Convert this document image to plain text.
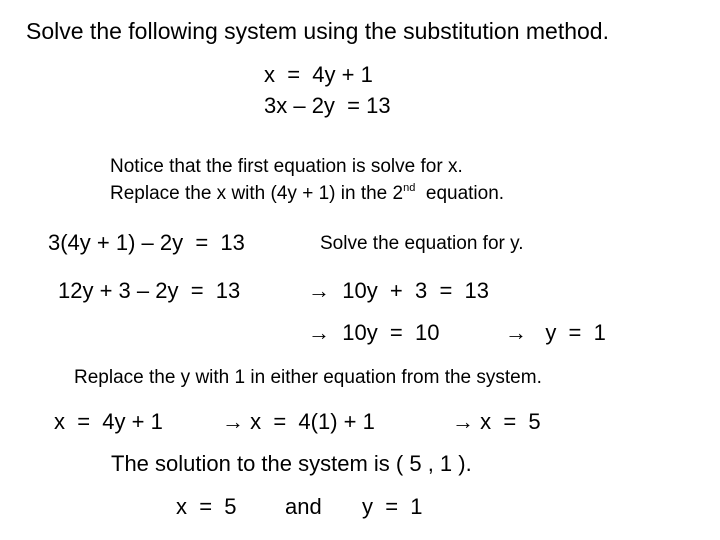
Solve the following system using the substitution method.
x  =  4y + 1
3x – 2y  = 13
Notice that the first equation is solve for x.
Replace the x with (4y + 1) in the 2nd  equation.
3(4y + 1) – 2y  =  13	Solve the equation for y.
12y + 3 – 2y  =  13	→  10y  +  3  =  13
→  10y  =  10	→   y  =  1
Replace the y with 1 in either equation from the system.
x  =  4y + 1	→ x  =  4(1) + 1	→ x  =  5
The solution to the system is ( 5 , 1 ).
x  =  5 and y  =  1
